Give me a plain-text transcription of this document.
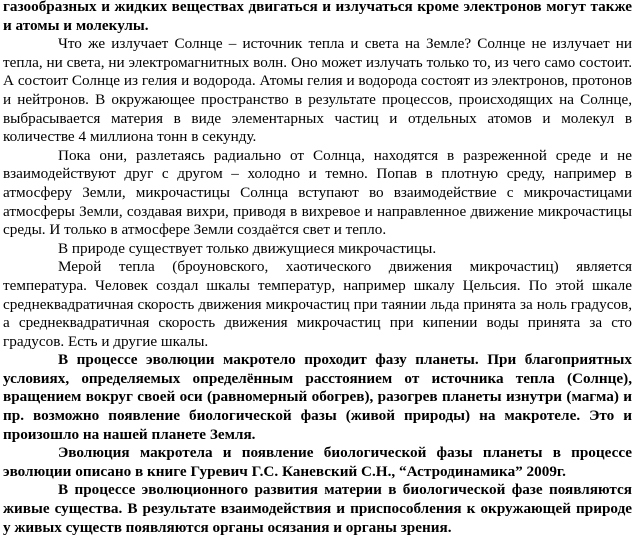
газообразных и жидких веществах двигаться и излучаться кроме электронов могут также и атомы и молекулы.

Что же излучает Солнце – источник тепла и света на Земле? Солнце не излучает ни тепла, ни света, ни электромагнитных волн. Оно может излучать только то, из чего само состоит. А состоит Солнце из гелия и водорода. Атомы гелия и водорода состоят из электронов, протонов и нейтронов. В окружающее пространство в результате процессов, происходящих на Солнце, выбрасывается материя в виде элементарных частиц и отдельных атомов и молекул в количестве 4 миллиона тонн в секунду.

Пока они, разлетаясь радиально от Солнца, находятся в разреженной среде и не взаимодействуют друг с другом – холодно и темно. Попав в плотную среду, например в атмосферу Земли, микрочастицы Солнца вступают во взаимодействие с микрочастицами атмосферы Земли, создавая вихри, приводя в вихревое и направленное движение микрочастицы среды. И только в атмосфере Земли создаётся свет и тепло.

В природе существует только движущиеся микрочастицы.

Мерой тепла (броуновского, хаотического движения микрочастиц) является температура. Человек создал шкалы температур, например шкалу Цельсия. По этой шкале среднеквадратичная скорость движения микрочастиц при таянии льда принята за ноль градусов, а среднеквадратичная скорость движения микрочастиц при кипении воды принята за сто градусов. Есть и другие шкалы.

В процессе эволюции макротело проходит фазу планеты. При благоприятных условиях, определяемых определённым расстоянием от источника тепла (Солнце), вращением вокруг своей оси (равномерный обогрев), разогрев планеты изнутри (магма) и пр. возможно появление биологической фазы (живой природы) на макротеле. Это и произошло на нашей планете Земля.

Эволюция макротела и появление биологической фазы планеты в процессе эволюции описано в книге Гуревич Г.С. Каневский С.Н., “Астродинамика” 2009г.

В процессе эволюционного развития материи в биологической фазе появляются живые существа. В результате взаимодействия и приспособления к окружающей природе у живых существ появляются органы осязания и органы зрения.
